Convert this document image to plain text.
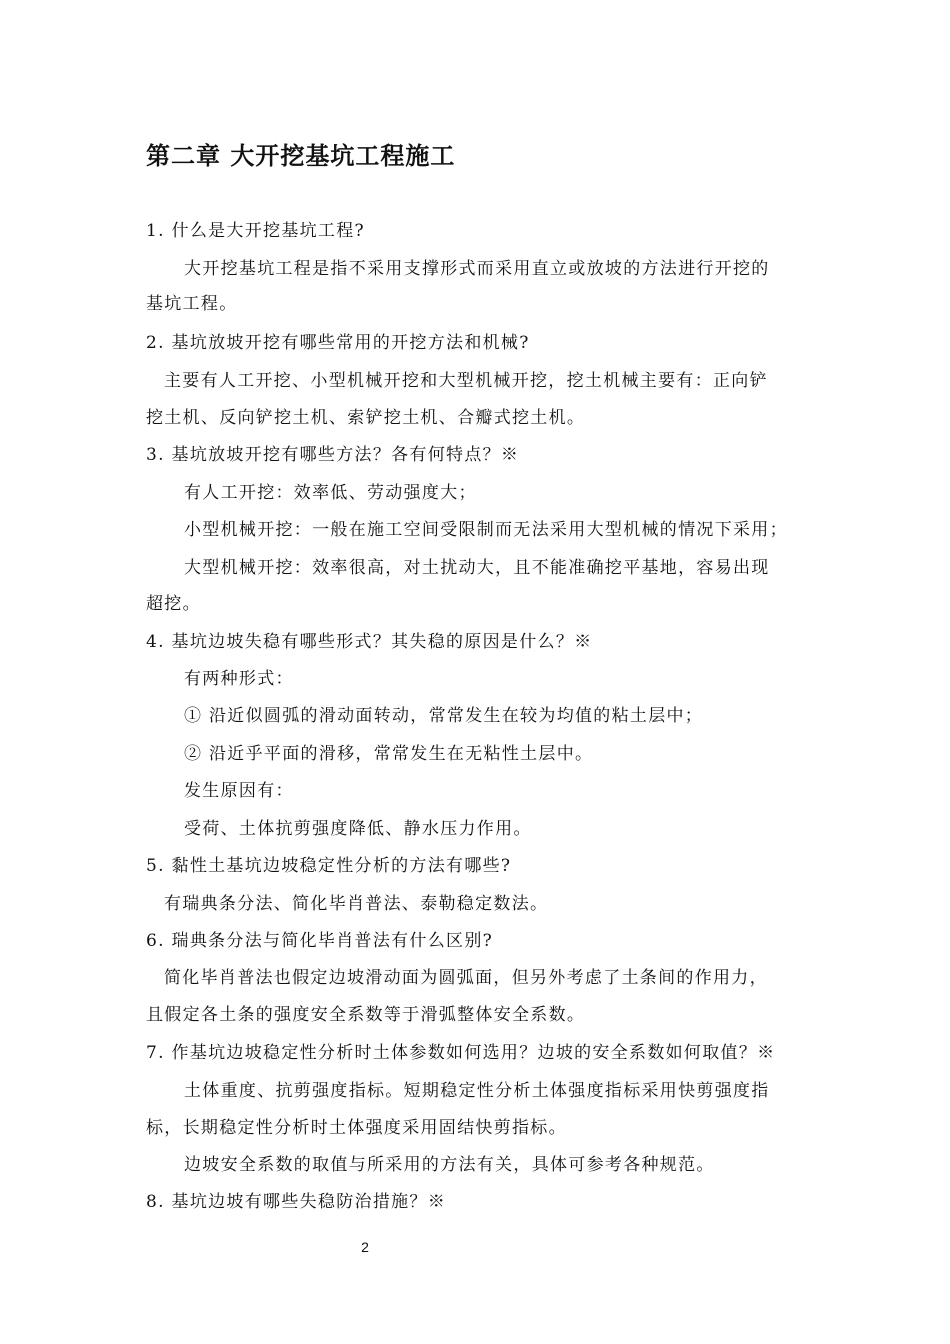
第二章 大开挖基坑工程施工

1. 什么是大开挖基坑工程?

大开挖基坑工程是指不采用支撑形式而采用直立或放坡的方法进行开挖的

基坑工程。

2. 基坑放坡开挖有哪些常用的开挖方法和机械?

主要有人工开挖、小型机械开挖和大型机械开挖，挖土机械主要有：正向铲

挖土机、反向铲挖土机、索铲挖土机、合瓣式挖土机。

3. 基坑放坡开挖有哪些方法？各有何特点？※

有人工开挖：效率低、劳动强度大；

小型机械开挖：一般在施工空间受限制而无法采用大型机械的情况下采用；

大型机械开挖：效率很高，对土扰动大，且不能准确挖平基地，容易出现

超挖。

4. 基坑边坡失稳有哪些形式？其失稳的原因是什么？※

有两种形式：

① 沿近似圆弧的滑动面转动，常常发生在较为均值的粘土层中；

② 沿近乎平面的滑移，常常发生在无粘性土层中。

发生原因有：

受荷、土体抗剪强度降低、静水压力作用。

5. 黏性土基坑边坡稳定性分析的方法有哪些?

有瑞典条分法、简化毕肖普法、泰勒稳定数法。

6. 瑞典条分法与简化毕肖普法有什么区别?

简化毕肖普法也假定边坡滑动面为圆弧面，但另外考虑了土条间的作用力，

且假定各土条的强度安全系数等于滑弧整体安全系数。

7. 作基坑边坡稳定性分析时土体参数如何选用？边坡的安全系数如何取值？※

土体重度、抗剪强度指标。短期稳定性分析土体强度指标采用快剪强度指

标，长期稳定性分析时土体强度采用固结快剪指标。

边坡安全系数的取值与所采用的方法有关，具体可参考各种规范。

8. 基坑边坡有哪些失稳防治措施？※

2
